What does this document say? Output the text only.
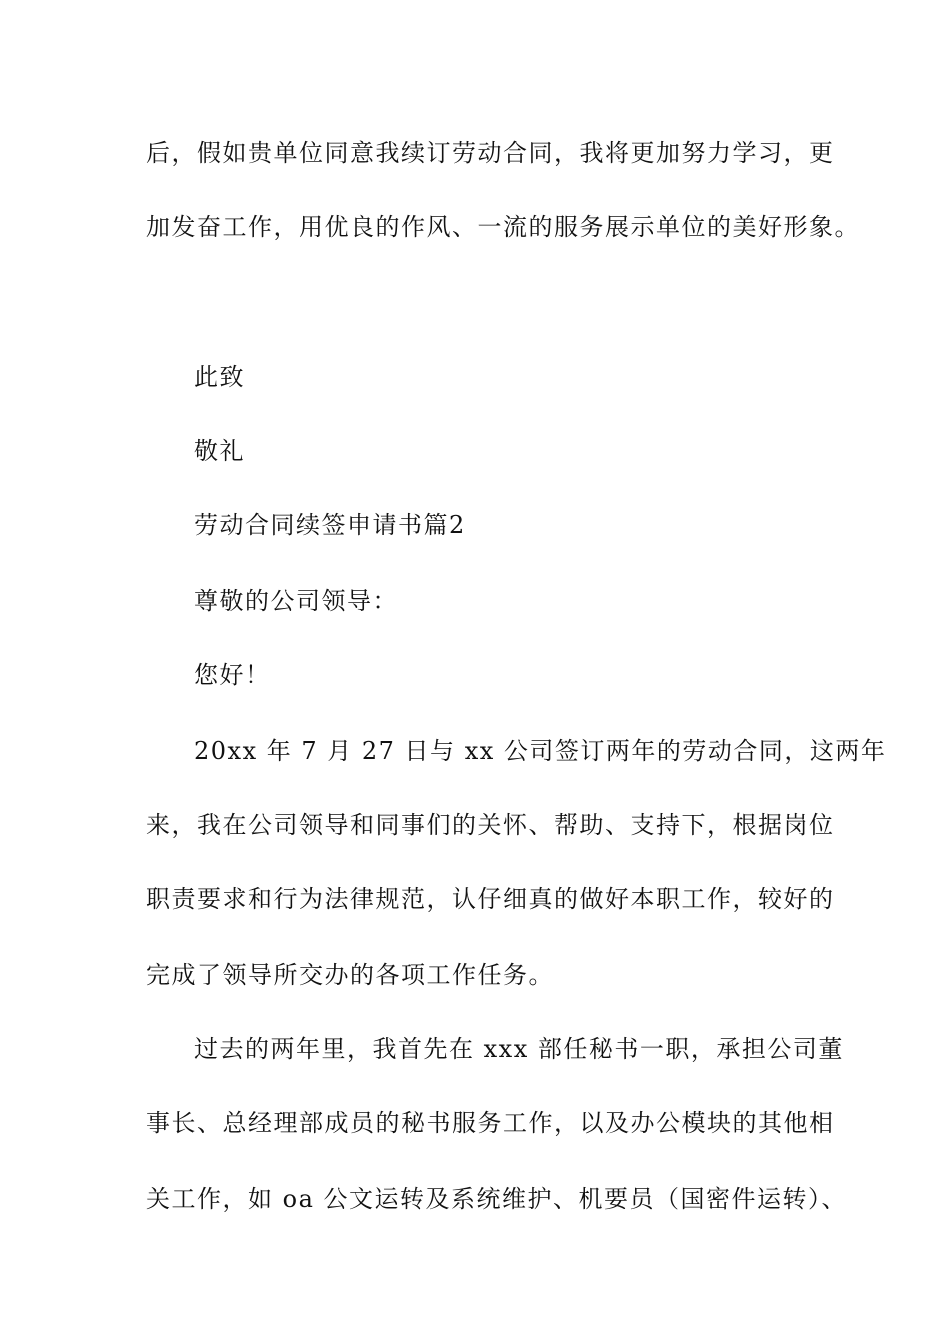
后，假如贵单位同意我续订劳动合同，我将更加努力学习，更
加发奋工作，用优良的作风、一流的服务展示单位的美好形象。
此致
敬礼
劳动合同续签申请书篇2
尊敬的公司领导：
您好！
20xx 年 7 月 27 日与 xx 公司签订两年的劳动合同，这两年
来，我在公司领导和同事们的关怀、帮助、支持下，根据岗位
职责要求和行为法律规范，认仔细真的做好本职工作，较好的
完成了领导所交办的各项工作任务。
过去的两年里，我首先在 xxx 部任秘书一职，承担公司董
事长、总经理部成员的秘书服务工作，以及办公模块的其他相
关工作，如 oa 公文运转及系统维护、机要员（国密件运转）、
